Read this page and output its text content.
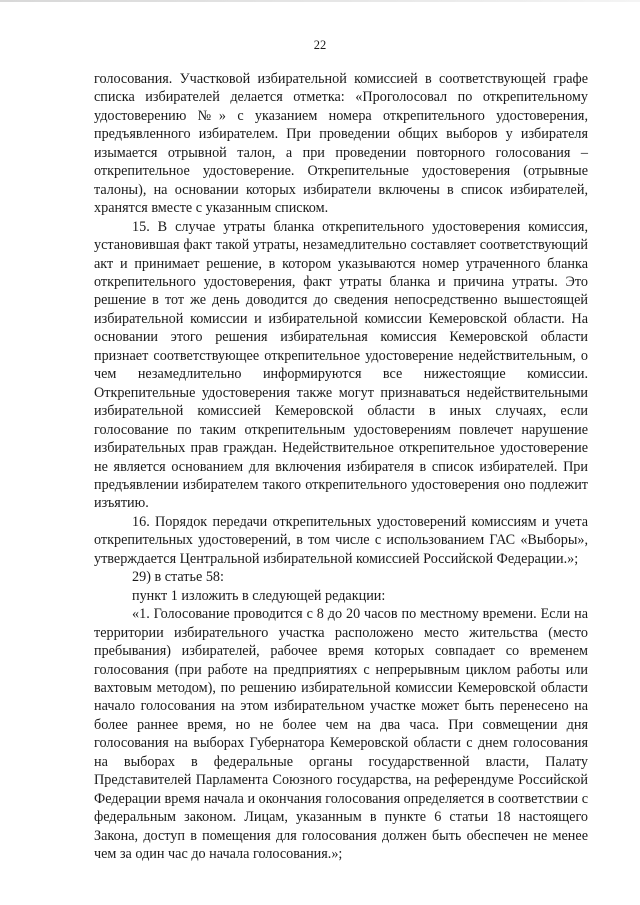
22

голосования. Участковой избирательной комиссией в соответствующей графе списка избирателей делается отметка: «Проголосовал по открепительному удостоверению №» с указанием номера открепительного удостоверения, предъявленного избирателем. При проведении общих выборов у избирателя изымается отрывной талон, а при проведении повторного голосования – открепительное удостоверение. Открепительные удостоверения (отрывные талоны), на основании которых избиратели включены в список избирателей, хранятся вместе с указанным списком.

15. В случае утраты бланка открепительного удостоверения комиссия, установившая факт такой утраты, незамедлительно составляет соответствующий акт и принимает решение, в котором указываются номер утраченного бланка открепительного удостоверения, факт утраты бланка и причина утраты. Это решение в тот же день доводится до сведения непосредственно вышестоящей избирательной комиссии и избирательной комиссии Кемеровской области. На основании этого решения избирательная комиссия Кемеровской области признает соответствующее открепительное удостоверение недействительным, о чем незамедлительно информируются все нижестоящие комиссии. Открепительные удостоверения также могут признаваться недействительными избирательной комиссией Кемеровской области в иных случаях, если голосование по таким открепительным удостоверениям повлечет нарушение избирательных прав граждан. Недействительное открепительное удостоверение не является основанием для включения избирателя в список избирателей. При предъявлении избирателем такого открепительного удостоверения оно подлежит изъятию.

16. Порядок передачи открепительных удостоверений комиссиям и учета открепительных удостоверений, в том числе с использованием ГАС «Выборы», утверждается Центральной избирательной комиссией Российской Федерации.»;

29) в статье 58:

пункт 1 изложить в следующей редакции:

«1. Голосование проводится с 8 до 20 часов по местному времени. Если на территории избирательного участка расположено место жительства (место пребывания) избирателей, рабочее время которых совпадает со временем голосования (при работе на предприятиях с непрерывным циклом работы или вахтовым методом), по решению избирательной комиссии Кемеровской области начало голосования на этом избирательном участке может быть перенесено на более раннее время, но не более чем на два часа. При совмещении дня голосования на выборах Губернатора Кемеровской области с днем голосования на выборах в федеральные органы государственной власти, Палату Представителей Парламента Союзного государства, на референдуме Российской Федерации время начала и окончания голосования определяется в соответствии с федеральным законом. Лицам, указанным в пункте 6 статьи 18 настоящего Закона, доступ в помещения для голосования должен быть обеспечен не менее чем за один час до начала голосования.»;
